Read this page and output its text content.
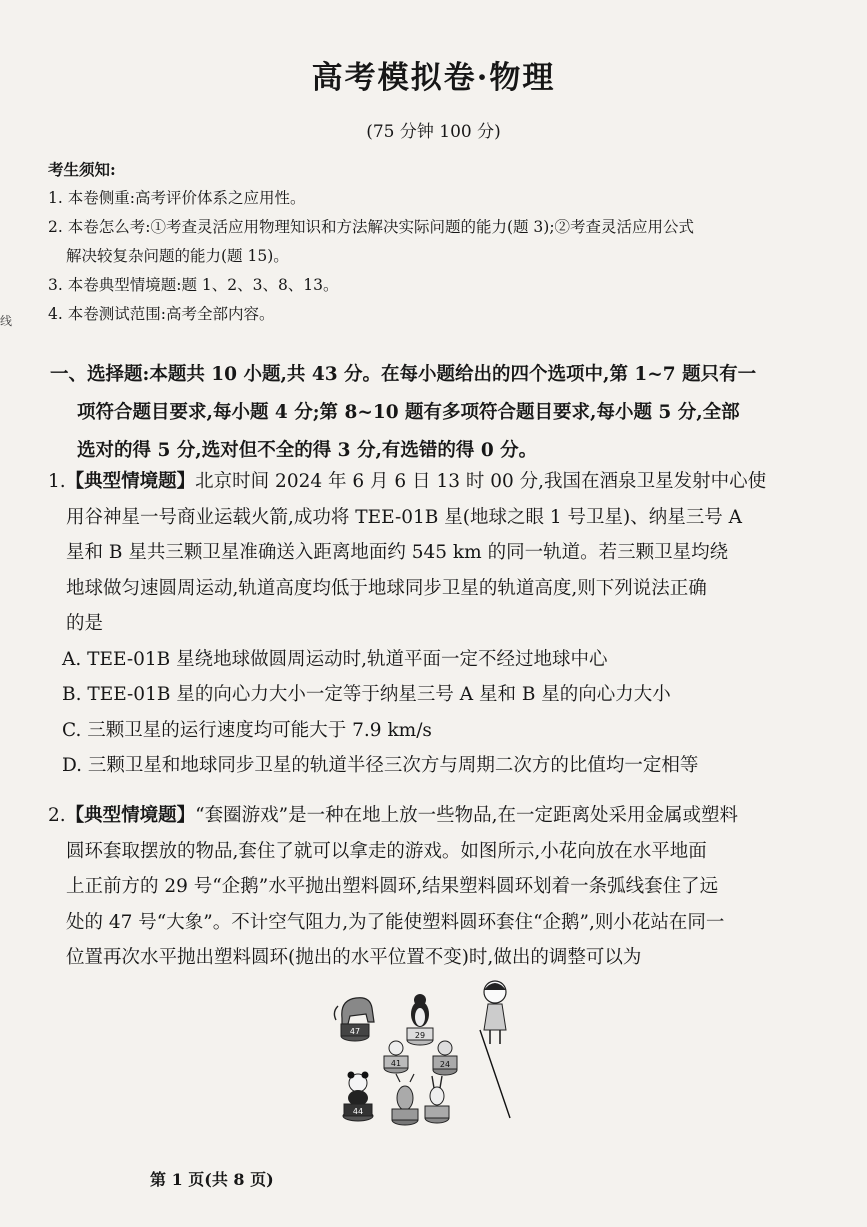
线
高考模拟卷·物理
(75 分钟 100 分)
考生须知:
1. 本卷侧重:高考评价体系之应用性。
2. 本卷怎么考:①考查灵活应用物理知识和方法解决实际问题的能力(题 3);②考查灵活应用公式
解决较复杂问题的能力(题 15)。
3. 本卷典型情境题:题 1、2、3、8、13。
4. 本卷测试范围:高考全部内容。
一、选择题:本题共 10 小题,共 43 分。在每小题给出的四个选项中,第 1~7 题只有一
项符合题目要求,每小题 4 分;第 8~10 题有多项符合题目要求,每小题 5 分,全部
选对的得 5 分,选对但不全的得 3 分,有选错的得 0 分。
1.【典型情境题】北京时间 2024 年 6 月 6 日 13 时 00 分,我国在酒泉卫星发射中心使
用谷神星一号商业运载火箭,成功将 TEE-01B 星(地球之眼 1 号卫星)、纳星三号 A
星和 B 星共三颗卫星准确送入距离地面约 545 km 的同一轨道。若三颗卫星均绕
地球做匀速圆周运动,轨道高度均低于地球同步卫星的轨道高度,则下列说法正确
的是
A. TEE-01B 星绕地球做圆周运动时,轨道平面一定不经过地球中心
B. TEE-01B 星的向心力大小一定等于纳星三号 A 星和 B 星的向心力大小
C. 三颗卫星的运行速度均可能大于 7.9 km/s
D. 三颗卫星和地球同步卫星的轨道半径三次方与周期二次方的比值均一定相等
2.【典型情境题】“套圈游戏”是一种在地上放一些物品,在一定距离处采用金属或塑料
圆环套取摆放的物品,套住了就可以拿走的游戏。如图所示,小花向放在水平地面
上正前方的 29 号“企鹅”水平抛出塑料圆环,结果塑料圆环划着一条弧线套住了远
处的 47 号“大象”。不计空气阻力,为了能使塑料圆环套住“企鹅”,则小花站在同一
位置再次水平抛出塑料圆环(抛出的水平位置不变)时,做出的调整可以为
47	29
41	24
44
第 1 页(共 8 页)
